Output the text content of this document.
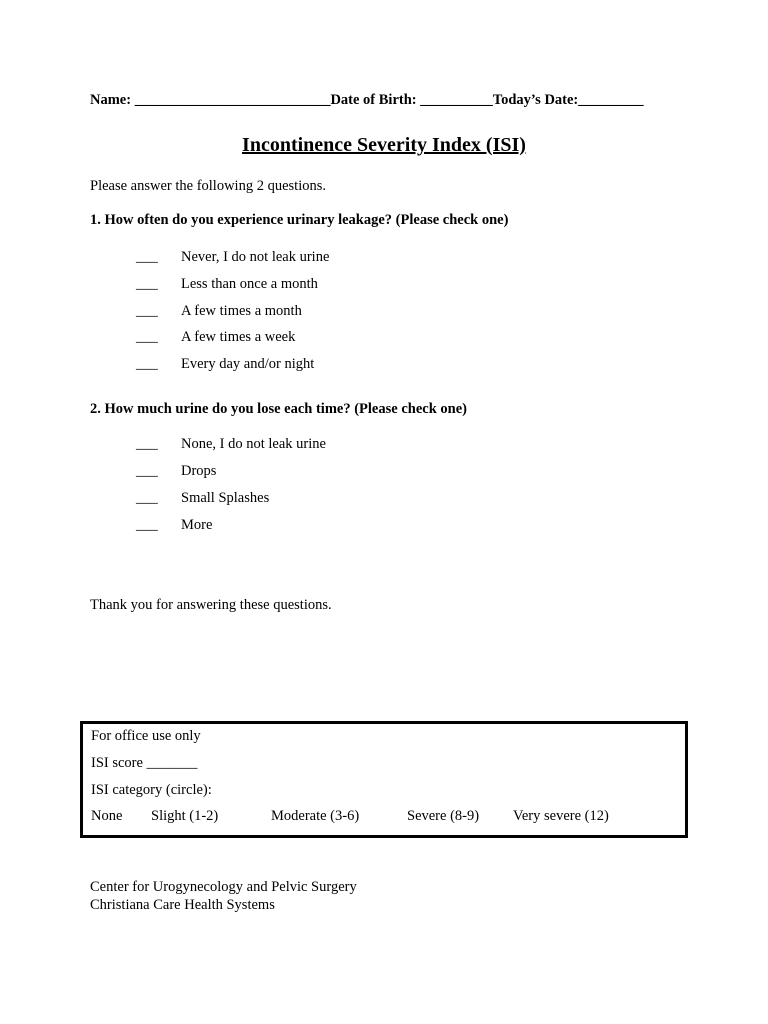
Name: ___________________________Date of Birth: __________Today’s Date:_________
Incontinence Severity Index (ISI)
Please answer the following 2 questions.
1. How often do you experience urinary leakage? (Please check one)
___ Never, I do not leak urine
___ Less than once a month
___ A few times a month
___ A few times a week
___ Every day and/or night
2. How much urine do you lose each time? (Please check one)
___ None, I do not leak urine
___ Drops
___ Small Splashes
___ More
Thank you for answering these questions.
For office use only
ISI score _______
ISI category (circle):
None Slight (1-2)	Moderate (3-6)	Severe (8-9) Very severe (12)
Center for Urogynecology and Pelvic Surgery
Christiana Care Health Systems
